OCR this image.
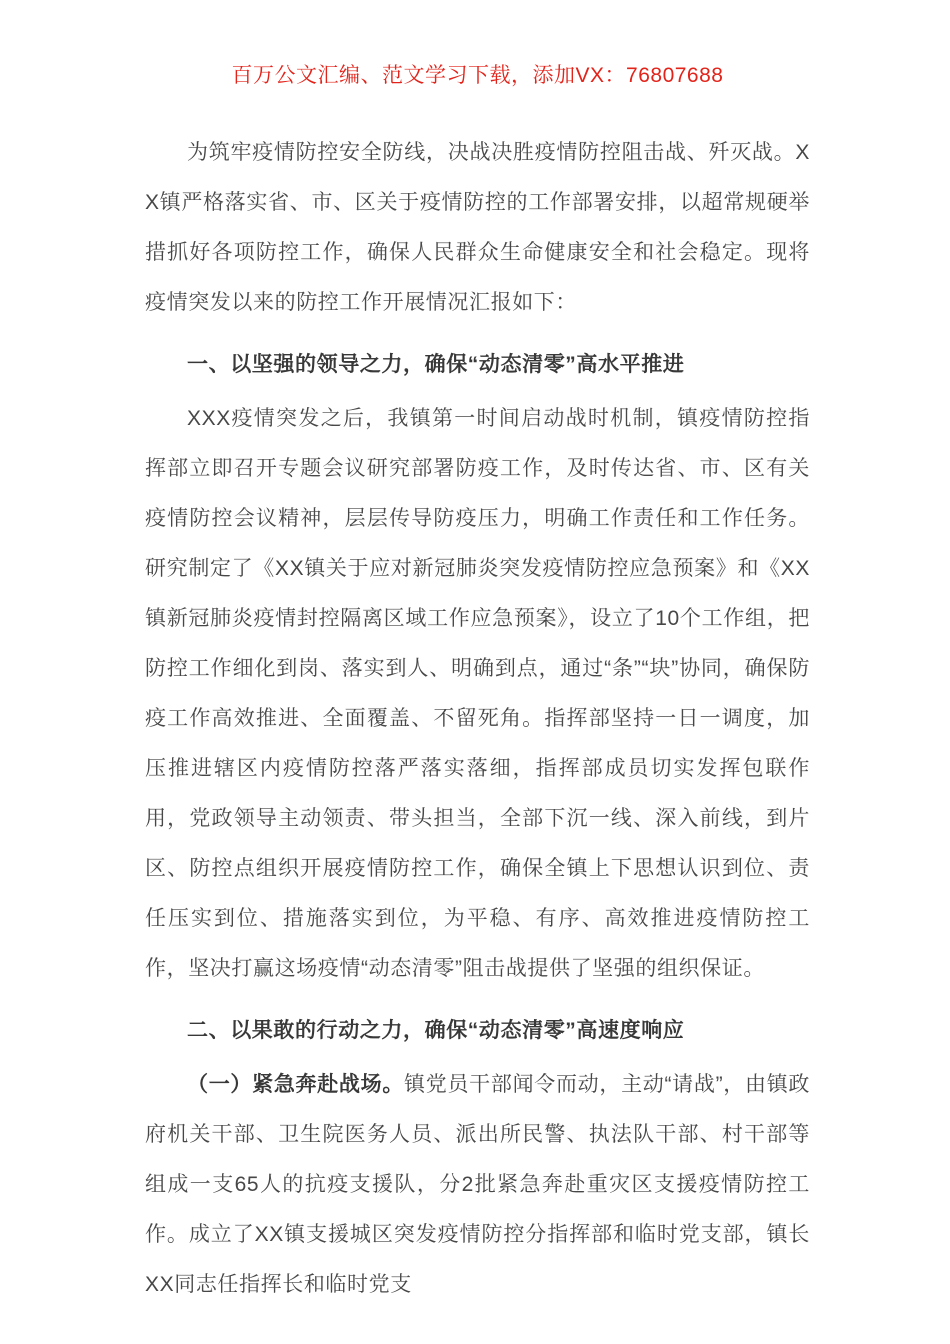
百万公文汇编、范文学习下载，添加VX：76807688

为筑牢疫情防控安全防线，决战决胜疫情防控阻击战、歼灭战。XX镇严格落实省、市、区关于疫情防控的工作部署安排，以超常规硬举措抓好各项防控工作，确保人民群众生命健康安全和社会稳定。现将疫情突发以来的防控工作开展情况汇报如下：

一、以坚强的领导之力，确保“动态清零”高水平推进

XXX疫情突发之后，我镇第一时间启动战时机制，镇疫情防控指挥部立即召开专题会议研究部署防疫工作，及时传达省、市、区有关疫情防控会议精神，层层传导防疫压力，明确工作责任和工作任务。研究制定了《XX镇关于应对新冠肺炎突发疫情防控应急预案》和《XX镇新冠肺炎疫情封控隔离区域工作应急预案》，设立了10个工作组，把防控工作细化到岗、落实到人、明确到点，通过“条”“块”协同，确保防疫工作高效推进、全面覆盖、不留死角。指挥部坚持一日一调度，加压推进辖区内疫情防控落严落实落细，指挥部成员切实发挥包联作用，党政领导主动领责、带头担当，全部下沉一线、深入前线，到片区、防控点组织开展疫情防控工作，确保全镇上下思想认识到位、责任压实到位、措施落实到位，为平稳、有序、高效推进疫情防控工作，坚决打赢这场疫情“动态清零”阻击战提供了坚强的组织保证。

二、以果敢的行动之力，确保“动态清零”高速度响应

（一）紧急奔赴战场。镇党员干部闻令而动，主动“请战”，由镇政府机关干部、卫生院医务人员、派出所民警、执法队干部、村干部等组成一支65人的抗疫支援队，分2批紧急奔赴重灾区支援疫情防控工作。成立了XX镇支援城区突发疫情防控分指挥部和临时党支部，镇长XX同志任指挥长和临时党支
